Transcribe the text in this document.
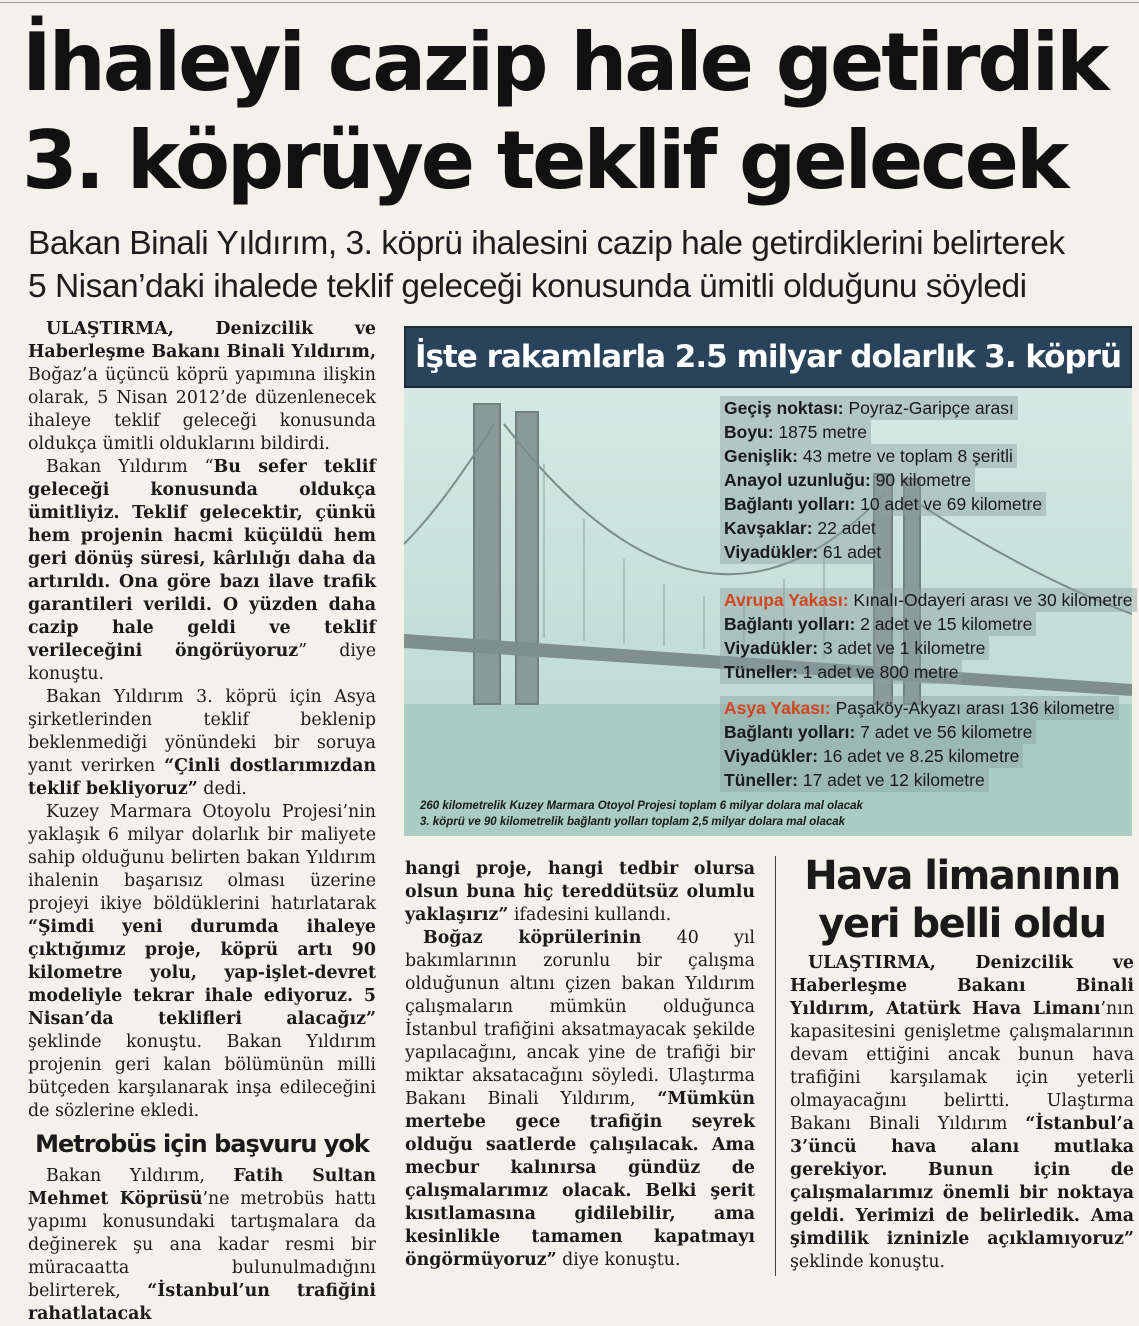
İhaleyi cazip hale getirdik
3. köprüye teklif gelecek
Bakan Binali Yıldırım, 3. köprü ihalesini cazip hale getirdiklerini belirterek
5 Nisan’daki ihalede teklif geleceği konusunda ümitli olduğunu söyledi

ULAŞTIRMA, Denizcilik ve Haberleşme Bakanı Binali Yıldırım, Boğaz’a üçüncü köprü yapımına ilişkin olarak, 5 Nisan 2012’de düzenlenecek ihaleye teklif geleceği konusunda oldukça ümitli olduklarını bildirdi.

Bakan Yıldırım “Bu sefer teklif geleceği konusunda oldukça ümitliyiz. Teklif gelecektir, çünkü hem projenin hacmi küçüldü hem geri dönüş süresi, kârlılığı daha da artırıldı. Ona göre bazı ilave trafik garantileri verildi. O yüzden daha cazip hale geldi ve teklif verileceğini öngörüyoruz” diye konuştu.

Bakan Yıldırım 3. köprü için Asya şirketlerinden teklif beklenip beklenmediği yönündeki bir soruya yanıt verirken “Çinli dostlarımızdan teklif bekliyoruz” dedi.

Kuzey Marmara Otoyolu Projesi’nin yaklaşık 6 milyar dolarlık bir maliyete sahip olduğunu belirten bakan Yıldırım ihalenin başarısız olması üzerine projeyi ikiye böldüklerini hatırlatarak “Şimdi yeni durumda ihaleye çıktığımız proje, köprü artı 90 kilometre yolu, yap-işlet-devret modeliyle tekrar ihale ediyoruz. 5 Nisan’da teklifleri alacağız” şeklinde konuştu. Bakan Yıldırım projenin geri kalan bölümünün milli bütçeden karşılanarak inşa edileceğini de sözlerine ekledi.

Metrobüs için başvuru yok

Bakan Yıldırım, Fatih Sultan Mehmet Köprüsü’ne metrobüs hattı yapımı konusundaki tartışmalara da değinerek şu ana kadar resmi bir müracaatta bulunulmadığını belirterek, “İstanbul’un trafiğini rahatlatacak

İşte rakamlarla 2.5 milyar dolarlık 3. köprü
Geçiş noktası: Poyraz-Garipçe arası
Boyu: 1875 metre
Genişlik: 43 metre ve toplam 8 şeritli
Anayol uzunluğu: 90 kilometre
Bağlantı yolları: 10 adet ve 69 kilometre
Kavşaklar: 22 adet
Viyadükler: 61 adet
Avrupa Yakası: Kınalı-Odayeri arası ve 30 kilometre
Bağlantı yolları: 2 adet ve 15 kilometre
Viyadükler: 3 adet ve 1 kilometre
Tüneller: 1 adet ve 800 metre
Asya Yakası: Paşaköy-Akyazı arası 136 kilometre
Bağlantı yolları: 7 adet ve 56 kilometre
Viyadükler: 16 adet ve 8.25 kilometre
Tüneller: 17 adet ve 12 kilometre
260 kilometrelik Kuzey Marmara Otoyol Projesi toplam 6 milyar dolara mal olacak
3. köprü ve 90 kilometrelik bağlantı yolları toplam 2,5 milyar dolara mal olacak

hangi proje, hangi tedbir olursa olsun buna hiç tereddütsüz olumlu yaklaşırız” ifadesini kullandı.

Boğaz köprülerinin 40 yıl bakımlarının zorunlu bir çalışma olduğunun altını çizen bakan Yıldırım çalışmaların mümkün olduğunca İstanbul trafiğini aksatmayacak şekilde yapılacağını, ancak yine de trafiği bir miktar aksatacağını söyledi. Ulaştırma Bakanı Binali Yıldırım, “Mümkün mertebe gece trafiğin seyrek olduğu saatlerde çalışılacak. Ama mecbur kalınırsa gündüz de çalışmalarımız olacak. Belki şerit kısıtlamasına gidilebilir, ama kesinlikle tamamen kapatmayı öngörmüyoruz” diye konuştu.

Hava limanının yeri belli oldu

ULAŞTIRMA, Denizcilik ve Haberleşme Bakanı Binali Yıldırım, Atatürk Hava Limanı’nın kapasitesini genişletme çalışmalarının devam ettiğini ancak bunun hava trafiğini karşılamak için yeterli olmayacağını belirtti. Ulaştırma Bakanı Binali Yıldırım “İstanbul’a 3’üncü hava alanı mutlaka gerekiyor. Bunun için de çalışmalarımız önemli bir noktaya geldi. Yerimizi de belirledik. Ama şimdilik izninizle açıklamıyoruz” şeklinde konuştu.
